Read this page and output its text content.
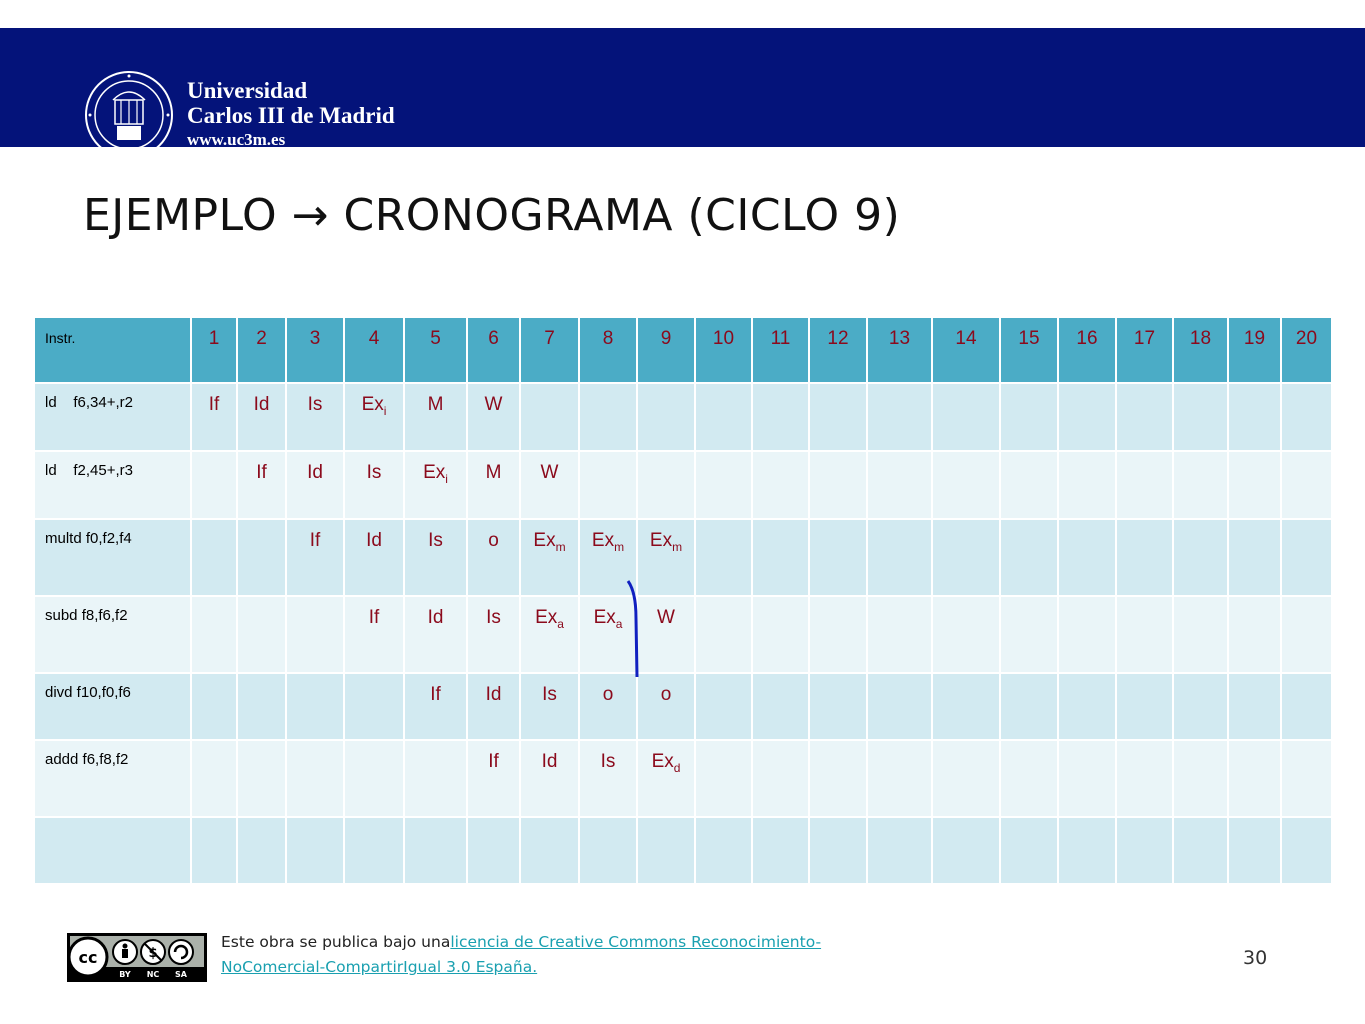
Universidad
Carlos III de Madrid
www.uc3m.es
EJEMPLO → CRONOGRAMA (CICLO 9)
Instr.	1	2	3	4	5	6	7	8	9	10	11	12	13	14	15	16	17	18	19	20
ld    f6,34+,r2	If	Id	Is	$Ex_i$	M	W														
ld    f2,45+,r3		If	Id	Is	$Ex_i$	M	W													
multd f0,f2,f4			If	Id	Is	o	$Ex_m$	$Ex_m$	$Ex_m$											
subd f8,f6,f2				If	Id	Is	$Ex_a$	$Ex_a$	W											
divd f10,f0,f6					If	Id	Is	o	o											
addd f6,f8,f2						If	Id	Is	$Ex_d$											

cc	$
BY NC SA
Este obra se publica bajo unalicencia de Creative Commons Reconocimiento-NoComercial-CompartirIgual 3.0 España.	30
